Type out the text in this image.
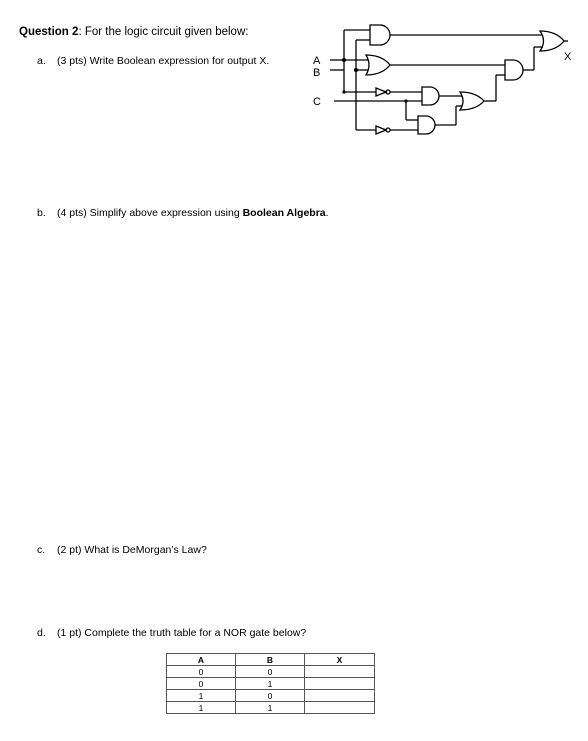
Question 2: For the logic circuit given below:
a. (3 pts) Write Boolean expression for output X.
b. (4 pts) Simplify above expression using Boolean Algebra.
c. (2 pt) What is DeMorgan’s Law?
d. (1 pt) Complete the truth table for a NOR gate below?
A
B
C
X
A	B	X
0	0	
0	1	
1	0	
1	1	
